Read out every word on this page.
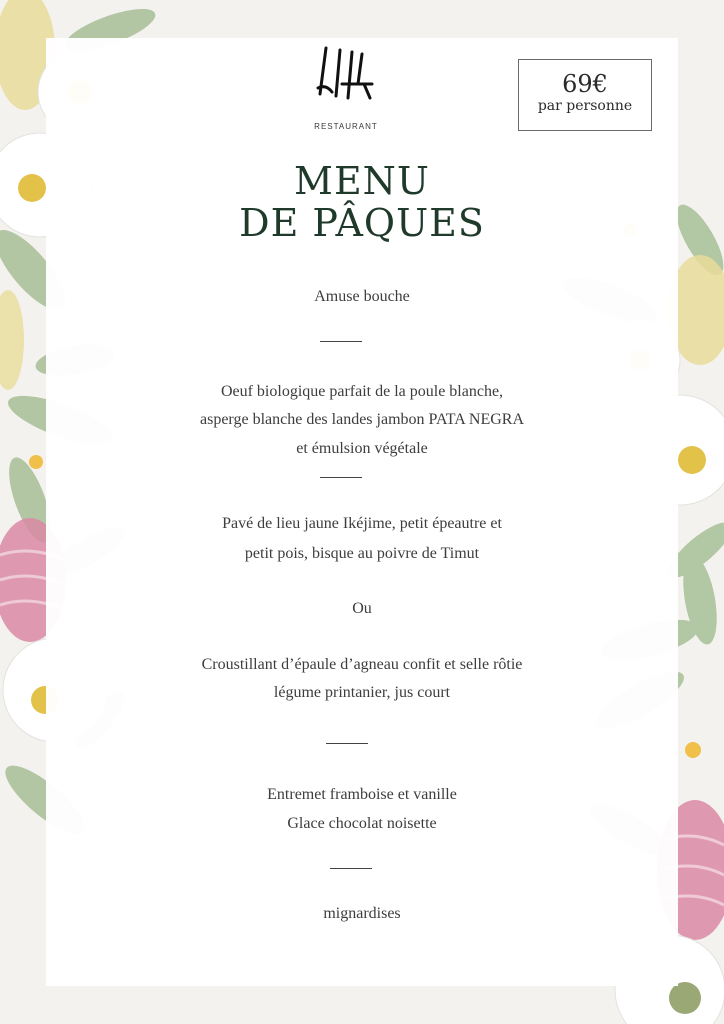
RESTAURANT
69€
par personne
MENU
DE PÂQUES
Amuse bouche
Oeuf biologique parfait de la poule blanche,
asperge blanche des landes jambon PATA NEGRA
et émulsion végétale
Pavé de lieu jaune Ikéjime, petit épeautre et
petit pois, bisque au poivre de Timut
Ou
Croustillant d’épaule d’agneau confit et selle rôtie
légume printanier, jus court
Entremet framboise et vanille
Glace chocolat noisette
mignardises
